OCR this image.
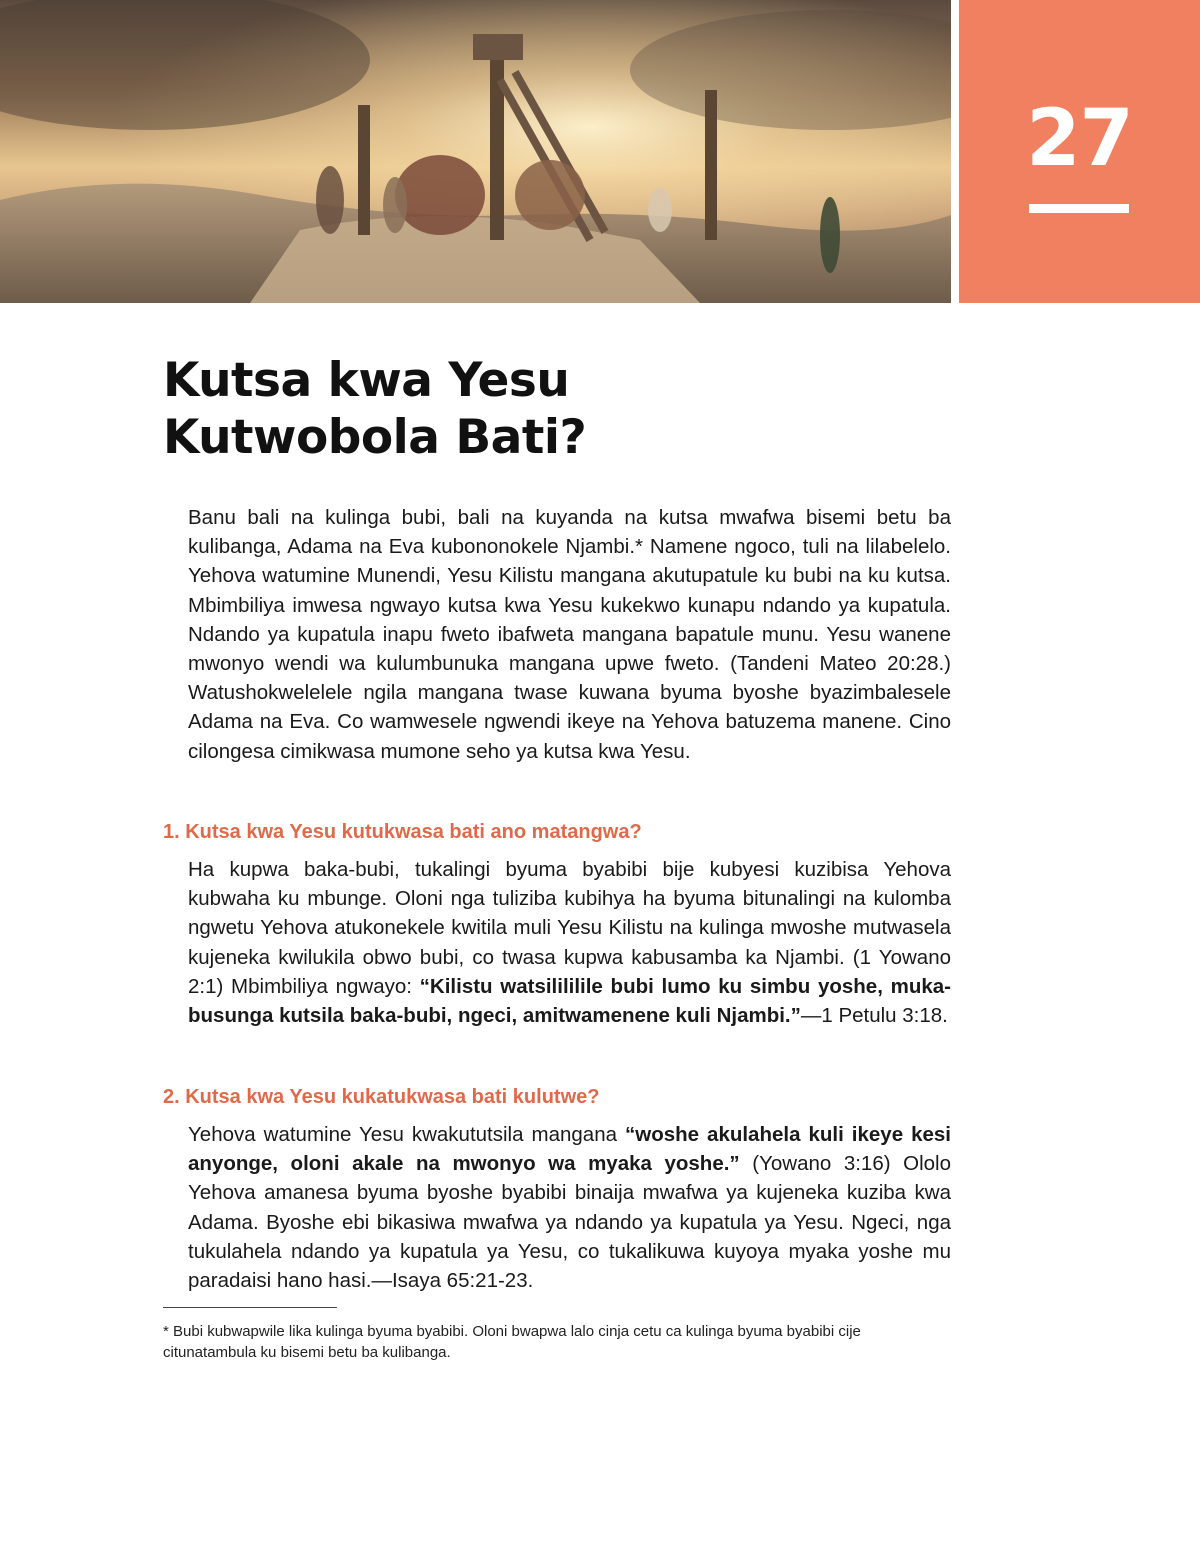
27
Kutsa kwa Yesu
Kutwobola Bati?

Banu bali na kulinga bubi, bali na kuyanda na kutsa mwafwa bisemi betu ba kulibanga, Adama na Eva kubononokele Njambi.* Namene ngoco, tuli na lilabelelo. Yehova watumine Munendi, Yesu Kilistu mangana akutupatule ku bubi na ku kutsa. Mbimbiliya imwesa ngwayo kutsa kwa Yesu kukekwo kunapu ndando ya kupatula. Ndando ya kupatula inapu fweto ibafweta mangana bapatule munu. Yesu wanene mwonyo wendi wa kulumbunuka mangana upwe fweto. (Tandeni Mateo 20:28.) Watushokwelelele ngila mangana twase kuwana byuma byoshe byazimbalesele Adama na Eva. Co wamwesele ngwendi ikeye na Yehova batuzema manene. Cino cilongesa cimikwasa mumone seho ya kutsa kwa Yesu.

1. Kutsa kwa Yesu kutukwasa bati ano matangwa?

Ha kupwa baka-bubi, tukalingi byuma byabibi bije kubyesi kuzibisa Yehova kubwaha ku mbunge. Oloni nga tuliziba kubihya ha byuma bitunalingi na kulomba ngwetu Yehova atukonekele kwitila muli Yesu Kilistu na kulinga mwoshe mutwasela kujeneka kwilukila obwo bubi, co twasa kupwa kabusamba ka Njambi. (1 Yowano 2:1) Mbimbiliya ngwayo: “Kilistu watsilililile bubi lumo ku simbu yoshe, muka-busunga kutsila baka-bubi, ngeci, amitwamenene kuli Njambi.”—1 Petulu 3:18.

2. Kutsa kwa Yesu kukatukwasa bati kulutwe?

Yehova watumine Yesu kwakututsila mangana “woshe akulahela kuli ikeye kesi anyonge, oloni akale na mwonyo wa myaka yoshe.” (Yowano 3:16) Ololo Yehova amanesa byuma byoshe byabibi binaija mwafwa ya kujeneka kuziba kwa Adama. Byoshe ebi bikasiwa mwafwa ya ndando ya kupatula ya Yesu. Ngeci, nga tukulahela ndando ya kupatula ya Yesu, co tukalikuwa kuyoya myaka yoshe mu paradaisi hano hasi.—Isaya 65:21-23.

* Bubi kubwapwile lika kulinga byuma byabibi. Oloni bwapwa lalo cinja cetu ca kulinga byuma byabibi cije citunatambula ku bisemi betu ba kulibanga.
